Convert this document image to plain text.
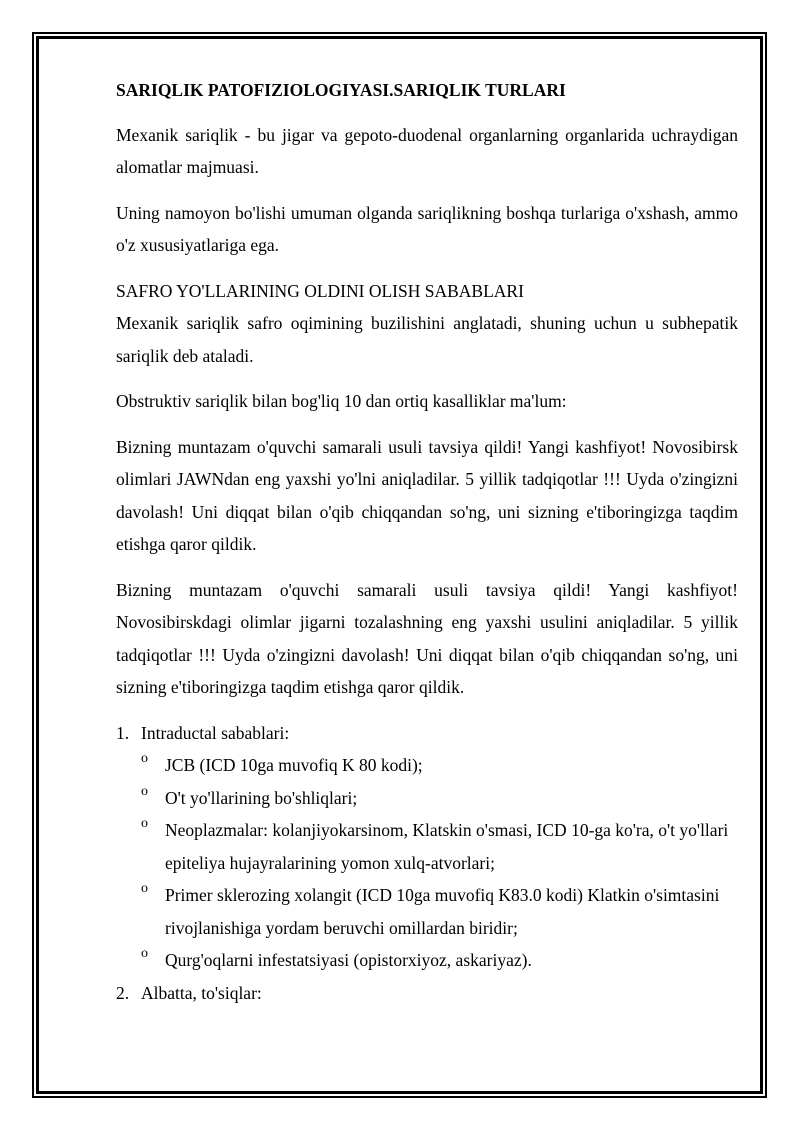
SARIQLIK PATOFIZIOLOGIYASI.SARIQLIK TURLARI

Mexanik sariqlik - bu jigar va gepoto-duodenal organlarning organlarida uchraydigan alomatlar majmuasi.

Uning namoyon bo'lishi umuman olganda sariqlikning boshqa turlariga o'xshash, ammo o'z xususiyatlariga ega.

SAFRO YO'LLARINING OLDINI OLISH SABABLARI

Mexanik sariqlik safro oqimining buzilishini anglatadi, shuning uchun u subhepatik sariqlik deb ataladi.

Obstruktiv sariqlik bilan bog'liq 10 dan ortiq kasalliklar ma'lum:

Bizning muntazam o'quvchi samarali usuli tavsiya qildi! Yangi kashfiyot! Novosibirsk olimlari JAWNdan eng yaxshi yo'lni aniqladilar. 5 yillik tadqiqotlar !!! Uyda o'zingizni davolash! Uni diqqat bilan o'qib chiqqandan so'ng, uni sizning e'tiboringizga taqdim etishga qaror qildik.

Bizning muntazam o'quvchi samarali usuli tavsiya qildi! Yangi kashfiyot! Novosibirskdagi olimlar jigarni tozalashning eng yaxshi usulini aniqladilar. 5 yillik tadqiqotlar !!! Uyda o'zingizni davolash! Uni diqqat bilan o'qib chiqqandan so'ng, uni sizning e'tiboringizga taqdim etishga qaror qildik.

1. Intraductal sabablari:
o JCB (ICD 10ga muvofiq K 80 kodi);
o O't yo'llarining bo'shliqlari;
o Neoplazmalar: kolanjiyokarsinom, Klatskin o'smasi, ICD 10-ga ko'ra, o't yo'llari epiteliya hujayralarining yomon xulq-atvorlari;
o Primer sklerozing xolangit (ICD 10ga muvofiq K83.0 kodi) Klatkin o'simtasini rivojlanishiga yordam beruvchi omillardan biridir;
o Qurg'oqlarni infestatsiyasi (opistorxiyoz, askariyaz).
2. Albatta, to'siqlar:
